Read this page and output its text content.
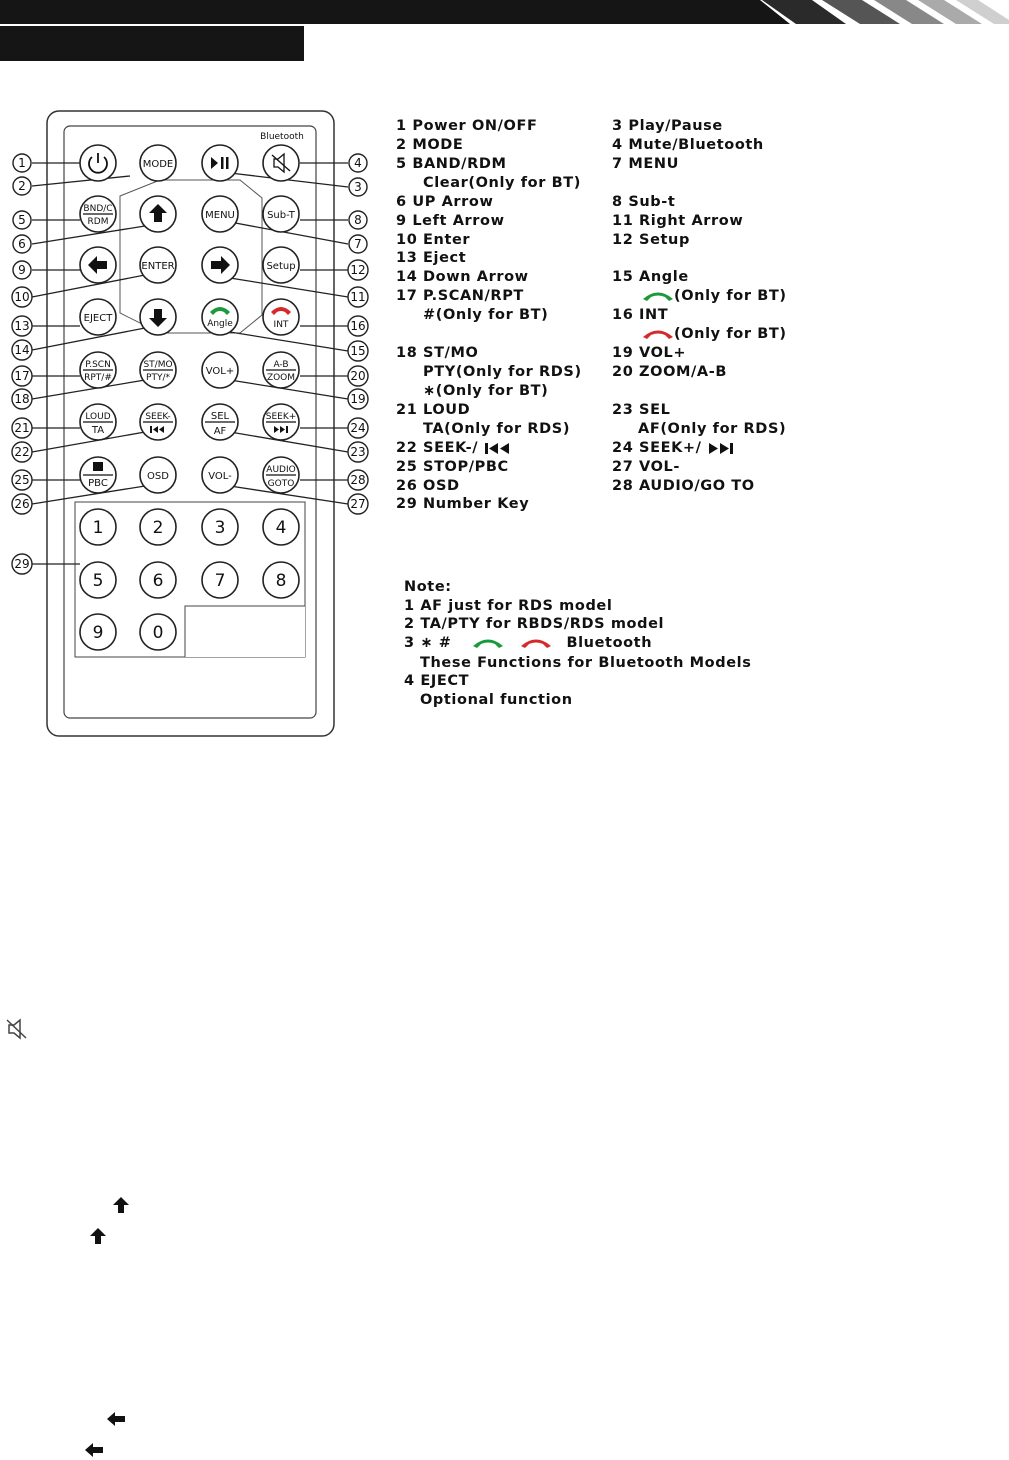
Bluetooth
MODE
BND/C
RDM
MENU	Sub-T
ENTER	Setup
EJECT	Angle	INT
P.SCN
RPT/#
ST/MO
PTY/*
VOL+
A-B
ZOOM
LOUD
TA
SEEK-	SEL
AF
SEEK+
PBC
OSD	VOL-
AUDIO
GOTO
1	2	3	4
5	6	7	8
9	0
1
2	3
4
5
6	7
8
9
10	11
12
13
14	15
16
17
18	19
20
21
22	23
24
25
26	27
28
29
1 Power ON/OFF
2 MODE
5 BAND/RDM
Clear(Only for BT)
6 UP Arrow
9 Left Arrow
10 Enter
13 Eject
14 Down Arrow
17 P.SCAN/RPT
#(Only for BT)
18 ST/MO
PTY(Only for RDS)
∗(Only for BT)
21 LOUD
TA(Only for RDS)
22 SEEK-/
25 STOP/PBC
26 OSD
29 Number Key
3 Play/Pause
4 Mute/Bluetooth
7 MENU
8 Sub-t
11 Right Arrow
12 Setup
15 Angle
(Only for BT)
16 INT
(Only for BT)
19 VOL+
20 ZOOM/A-B
23 SEL
AF(Only for RDS)
24 SEEK+/
27 VOL-
28 AUDIO/GO TO
Note:
1 AF just for RDS model
2 TA/PTY for RBDS/RDS model
3 ∗ #	Bluetooth
These Functions for Bluetooth Models
4 EJECT
Optional function
